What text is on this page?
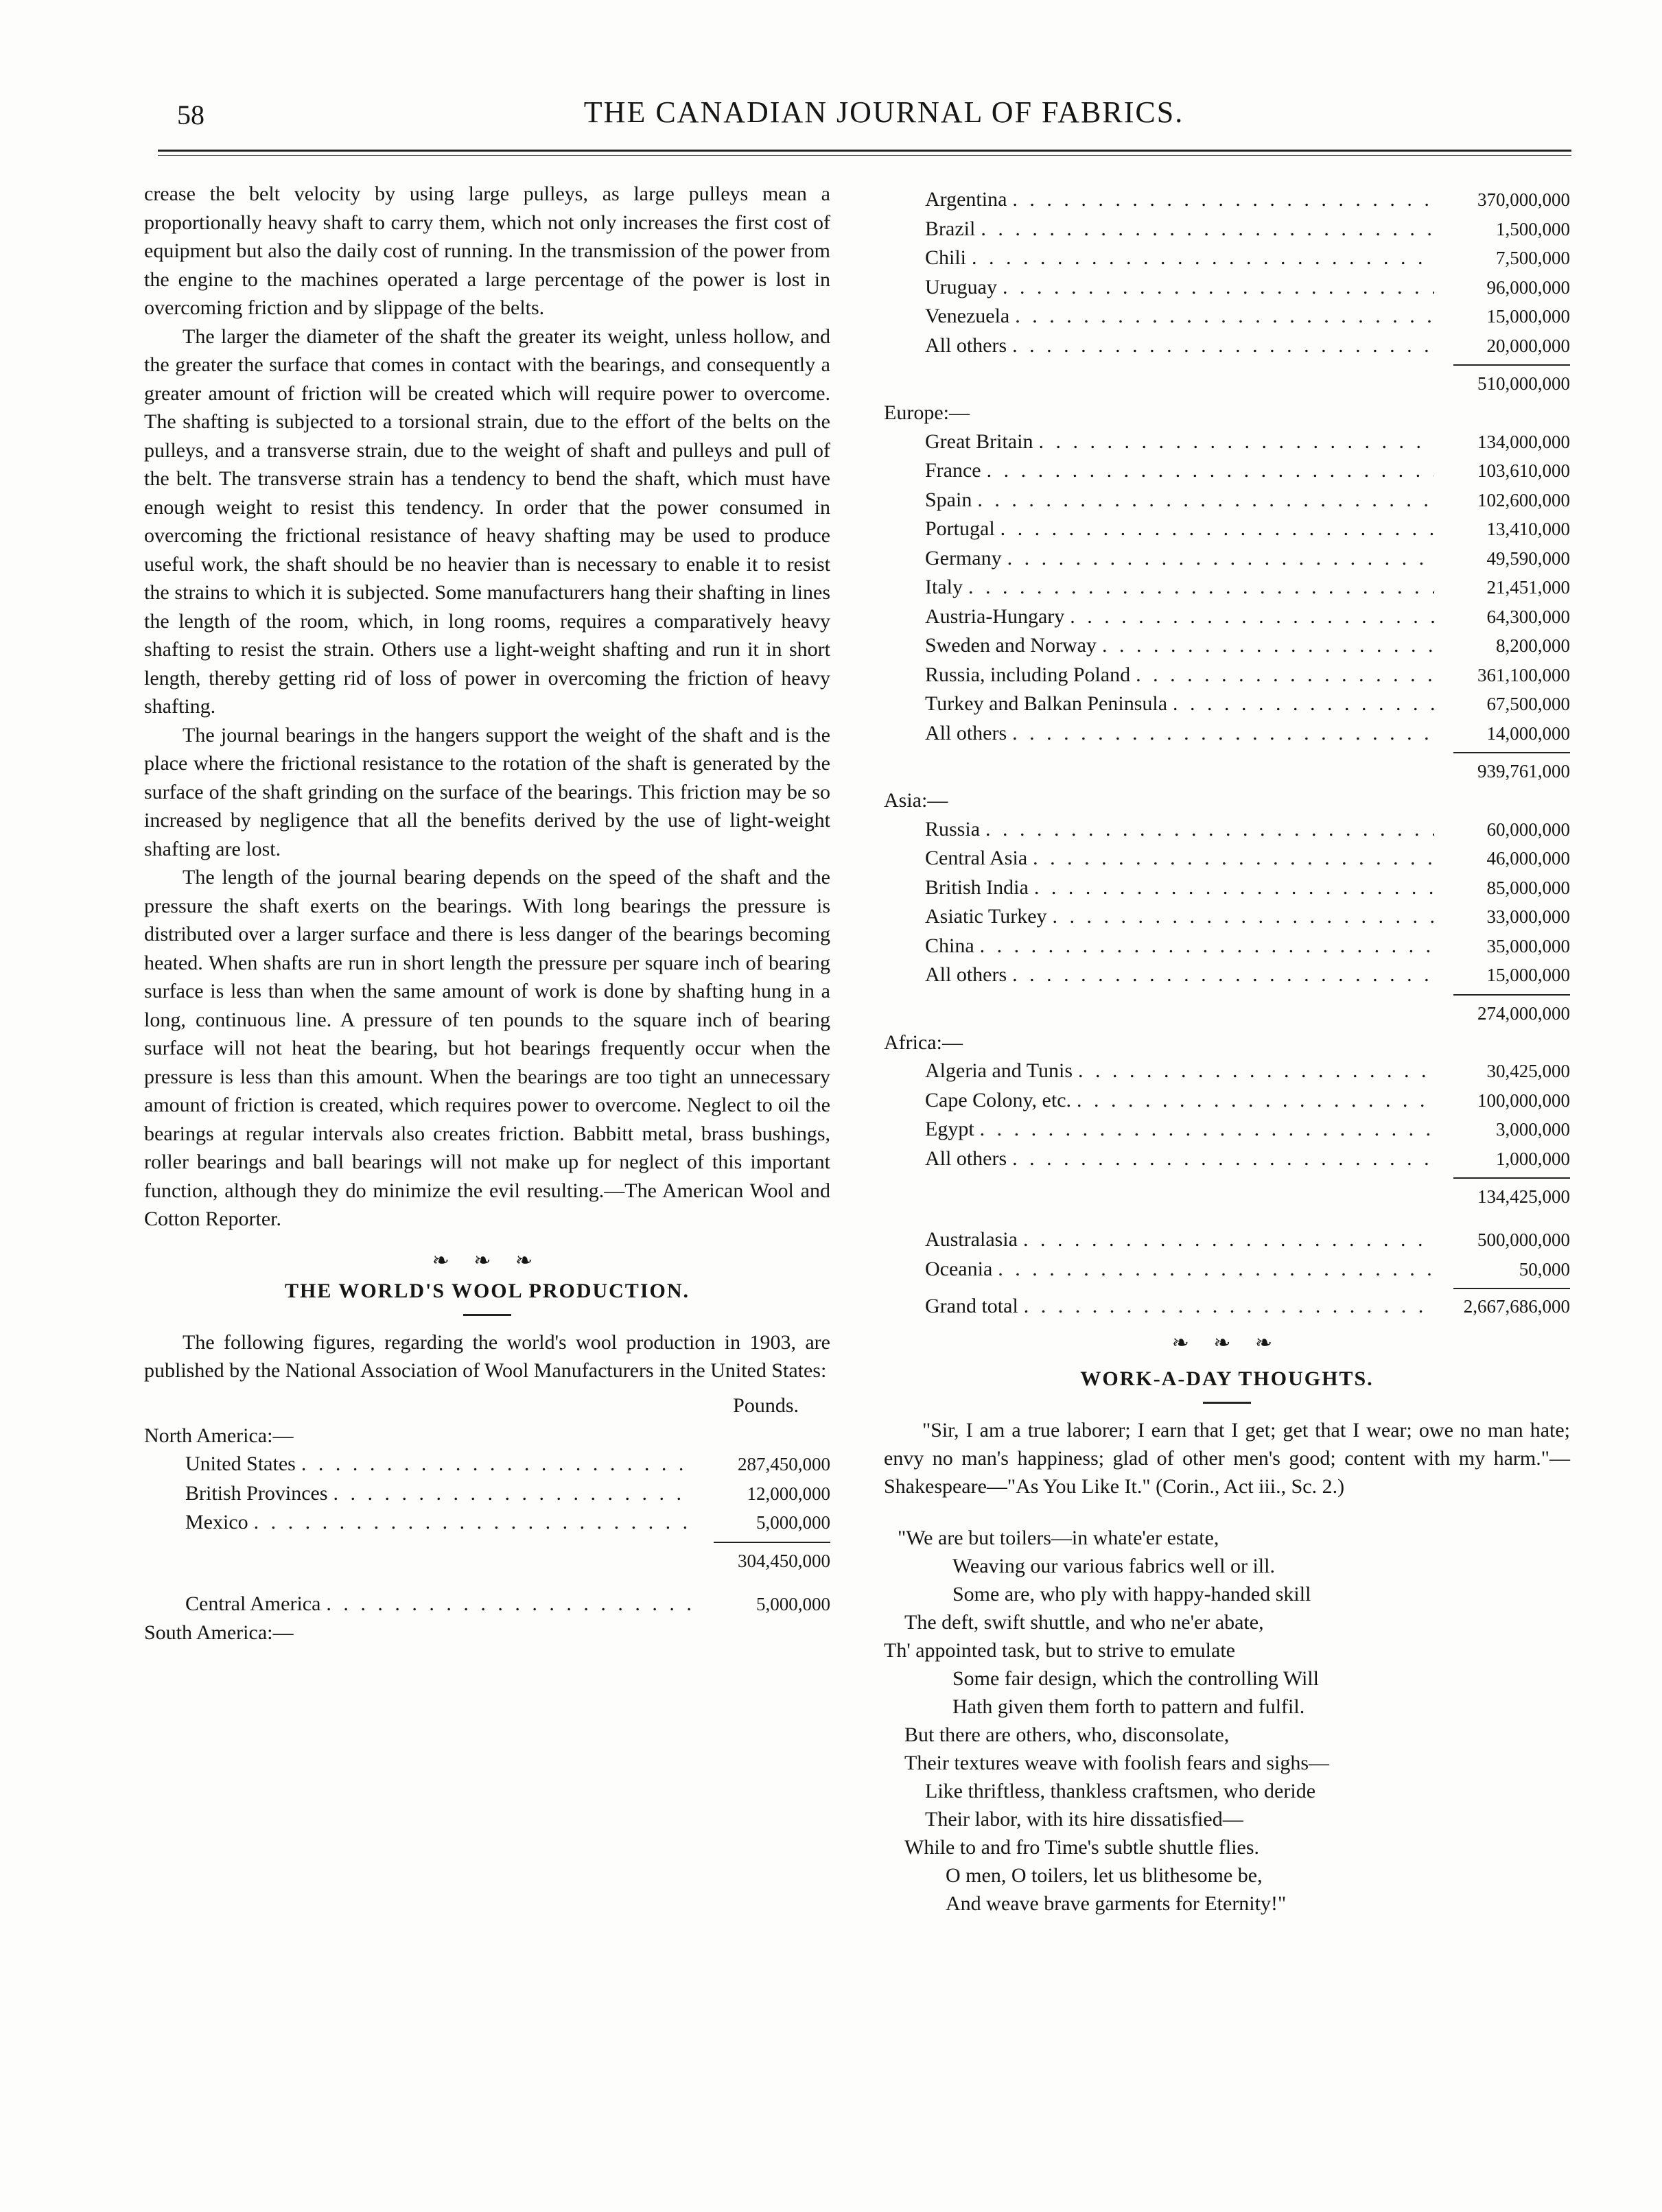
58	THE CANADIAN JOURNAL OF FABRICS.

crease the belt velocity by using large pulleys, as large pulleys mean a proportionally heavy shaft to carry them, which not only increases the first cost of equipment but also the daily cost of running. In the transmission of the power from the engine to the machines operated a large percentage of the power is lost in overcoming friction and by slippage of the belts.

The larger the diameter of the shaft the greater its weight, unless hollow, and the greater the surface that comes in contact with the bearings, and consequently a greater amount of friction will be created which will require power to overcome. The shafting is subjected to a torsional strain, due to the effort of the belts on the pulleys, and a transverse strain, due to the weight of shaft and pulleys and pull of the belt. The transverse strain has a tendency to bend the shaft, which must have enough weight to resist this tendency. In order that the power consumed in overcoming the frictional resistance of heavy shafting may be used to produce useful work, the shaft should be no heavier than is necessary to enable it to resist the strains to which it is subjected. Some manufacturers hang their shafting in lines the length of the room, which, in long rooms, requires a comparatively heavy shafting to resist the strain. Others use a light-weight shafting and run it in short length, thereby getting rid of loss of power in overcoming the friction of heavy shafting.

The journal bearings in the hangers support the weight of the shaft and is the place where the frictional resistance to the rotation of the shaft is generated by the surface of the shaft grinding on the surface of the bearings. This friction may be so increased by negligence that all the benefits derived by the use of light-weight shafting are lost.

The length of the journal bearing depends on the speed of the shaft and the pressure the shaft exerts on the bearings. With long bearings the pressure is distributed over a larger surface and there is less danger of the bearings becoming heated. When shafts are run in short length the pressure per square inch of bearing surface is less than when the same amount of work is done by shafting hung in a long, continuous line. A pressure of ten pounds to the square inch of bearing surface will not heat the bearing, but hot bearings frequently occur when the pressure is less than this amount. When the bearings are too tight an unnecessary amount of friction is created, which requires power to overcome. Neglect to oil the bearings at regular intervals also creates friction. Babbitt metal, brass bushings, roller bearings and ball bearings will not make up for neglect of this important function, although they do minimize the evil resulting.—The American Wool and Cotton Reporter.

❧ ❧ ❧
THE WORLD'S WOOL PRODUCTION.

The following figures, regarding the world's wool production in 1903, are published by the National Association of Wool Manufacturers in the United States:

Pounds.
North America:—
United States . . .	287,450,000
British Provinces . . .	12,000,000
Mexico . . .	5,000,000
304,450,000
Central America . . .	5,000,000
South America:—
Argentina . . .	370,000,000
Brazil . . .	1,500,000
Chili . . .	7,500,000
Uruguay . . .	96,000,000
Venezuela . . .	15,000,000
All others . . .	20,000,000
510,000,000
Europe:—
Great Britain . . .	134,000,000
France . . .	103,610,000
Spain . . .	102,600,000
Portugal . . .	13,410,000
Germany . . .	49,590,000
Italy . . .	21,451,000
Austria-Hungary . . .	64,300,000
Sweden and Norway . . .	8,200,000
Russia, including Poland . . .	361,100,000
Turkey and Balkan Peninsula . . .	67,500,000
All others . . .	14,000,000
939,761,000
Asia:—
Russia . . .	60,000,000
Central Asia . . .	46,000,000
British India . . .	85,000,000
Asiatic Turkey . . .	33,000,000
China . . .	35,000,000
All others . . .	15,000,000
274,000,000
Africa:—
Algeria and Tunis . . .	30,425,000
Cape Colony, etc. . . .	100,000,000
Egypt . . .	3,000,000
All others . . .	1,000,000
134,425,000
Australasia . . .	500,000,000
Oceania . . .	50,000
Grand total . . .	2,667,686,000
❧ ❧ ❧
WORK-A-DAY THOUGHTS.

"Sir, I am a true laborer; I earn that I get; get that I wear; owe no man hate; envy no man's happiness; glad of other men's good; content with my harm."—Shakespeare—"As You Like It." (Corin., Act iii., Sc. 2.)

"We are but toilers—in whate'er estate,
Weaving our various fabrics well or ill.
Some are, who ply with happy-handed skill
The deft, swift shuttle, and who ne'er abate,
Th' appointed task, but to strive to emulate
Some fair design, which the controlling Will
Hath given them forth to pattern and fulfil.
But there are others, who, disconsolate,
Their textures weave with foolish fears and sighs—
Like thriftless, thankless craftsmen, who deride
Their labor, with its hire dissatisfied—
While to and fro Time's subtle shuttle flies.
O men, O toilers, let us blithesome be,
And weave brave garments for Eternity!"
